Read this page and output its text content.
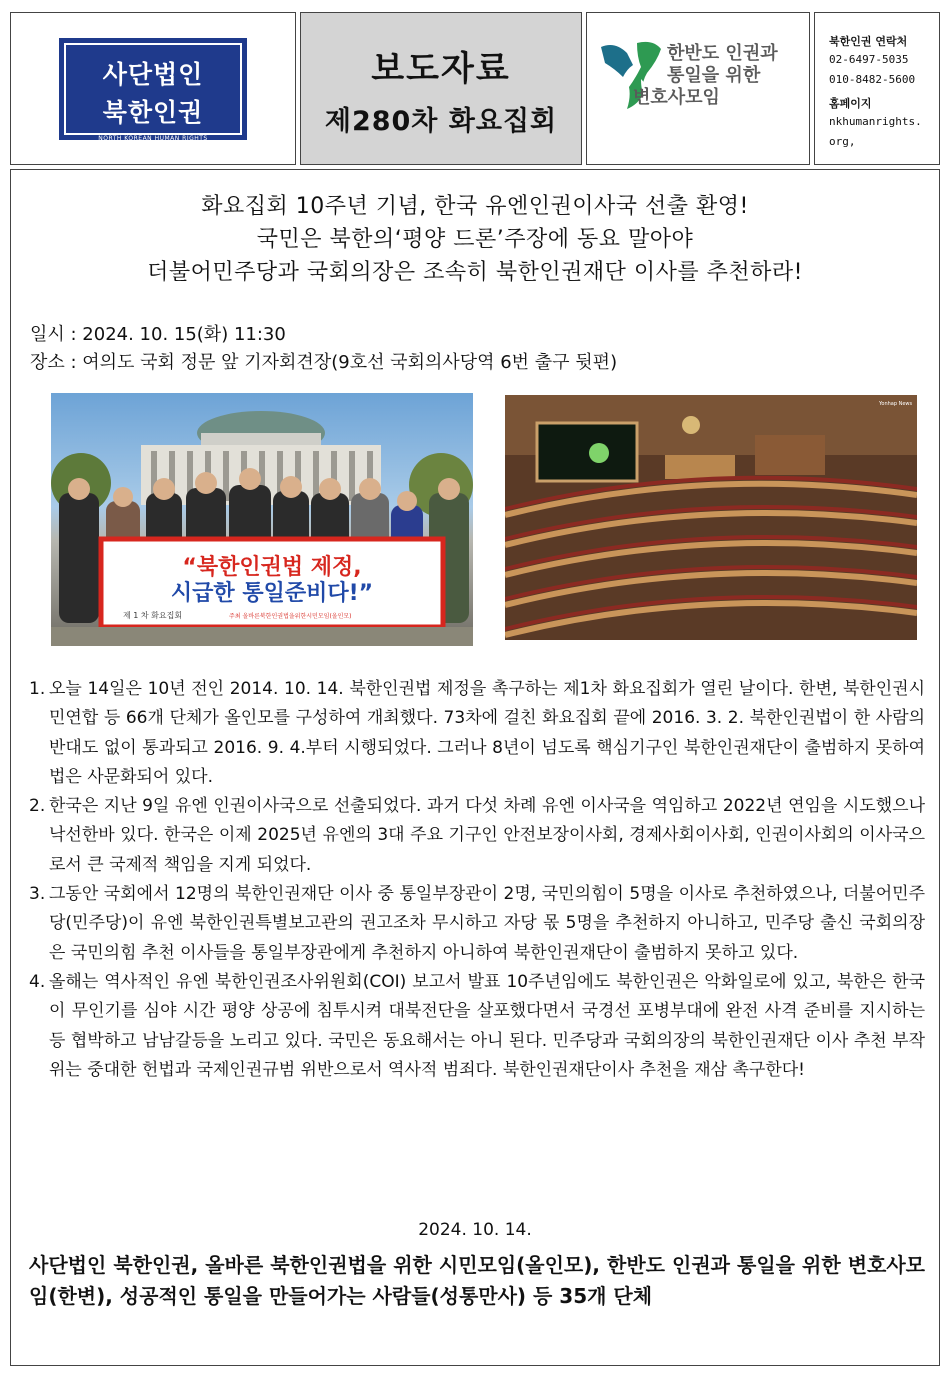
사단법인
북한인권
NORTH KOREAN HUMAN RIGHTS
보도자료
제280차 화요집회
한반도 인권과
통일을 위한
변호사모임
북한인권 연락처
02-6497-5035
010-8482-5600
홈페이지
nkhumanrights.
org,
화요집회 10주년 기념, 한국 유엔인권이사국 선출 환영!
국민은 북한의‘평양 드론’주장에 동요 말아야
더불어민주당과 국회의장은 조속히 북한인권재단 이사를 추천하라!
일시 : 2024. 10. 15(화) 11:30
장소 : 여의도 국회 정문 앞 기자회견장(9호선 국회의사당역 6번 출구 뒷편)
“북한인권법 제정,
시급한 통일준비다!”
제 1 차 화요집회	주최 올바른북한인권법을위한시민모임(올인모)
Yonhap News
1. 오늘 14일은 10년 전인 2014. 10. 14. 북한인권법 제정을 촉구하는 제1차 화요집회가 열린 날이다. 한변, 북한인권시민연합 등 66개 단체가 올인모를 구성하여 개최했다. 73차에 걸친 화요집회 끝에 2016. 3. 2. 북한인권법이 한 사람의 반대도 없이 통과되고 2016. 9. 4.부터 시행되었다. 그러나 8년이 넘도록 핵심기구인 북한인권재단이 출범하지 못하여 법은 사문화되어 있다.
2. 한국은 지난 9일 유엔 인권이사국으로 선출되었다. 과거 다섯 차례 유엔 이사국을 역임하고 2022년 연임을 시도했으나 낙선한바 있다. 한국은 이제 2025년 유엔의 3대 주요 기구인 안전보장이사회, 경제사회이사회, 인권이사회의 이사국으로서 큰 국제적 책임을 지게 되었다.
3. 그동안 국회에서 12명의 북한인권재단 이사 중 통일부장관이 2명, 국민의힘이 5명을 이사로 추천하였으나, 더불어민주당(민주당)이 유엔 북한인권특별보고관의 권고조차 무시하고 자당 몫 5명을 추천하지 아니하고, 민주당 출신 국회의장은 국민의힘 추천 이사들을 통일부장관에게 추천하지 아니하여 북한인권재단이 출범하지 못하고 있다.
4. 올해는 역사적인 유엔 북한인권조사위원회(COI) 보고서 발표 10주년임에도 북한인권은 악화일로에 있고, 북한은 한국이 무인기를 심야 시간 평양 상공에 침투시켜 대북전단을 살포했다면서 국경선 포병부대에 완전 사격 준비를 지시하는 등 협박하고 남남갈등을 노리고 있다. 국민은 동요해서는 아니 된다. 민주당과 국회의장의 북한인권재단 이사 추천 부작위는 중대한 헌법과 국제인권규범 위반으로서 역사적 범죄다. 북한인권재단이사 추천을 재삼 촉구한다!
2024. 10. 14.
사단법인 북한인권, 올바른 북한인권법을 위한 시민모임(올인모), 한반도 인권과 통일을 위한 변호사모임(한변), 성공적인 통일을 만들어가는 사람들(성통만사) 등 35개 단체
